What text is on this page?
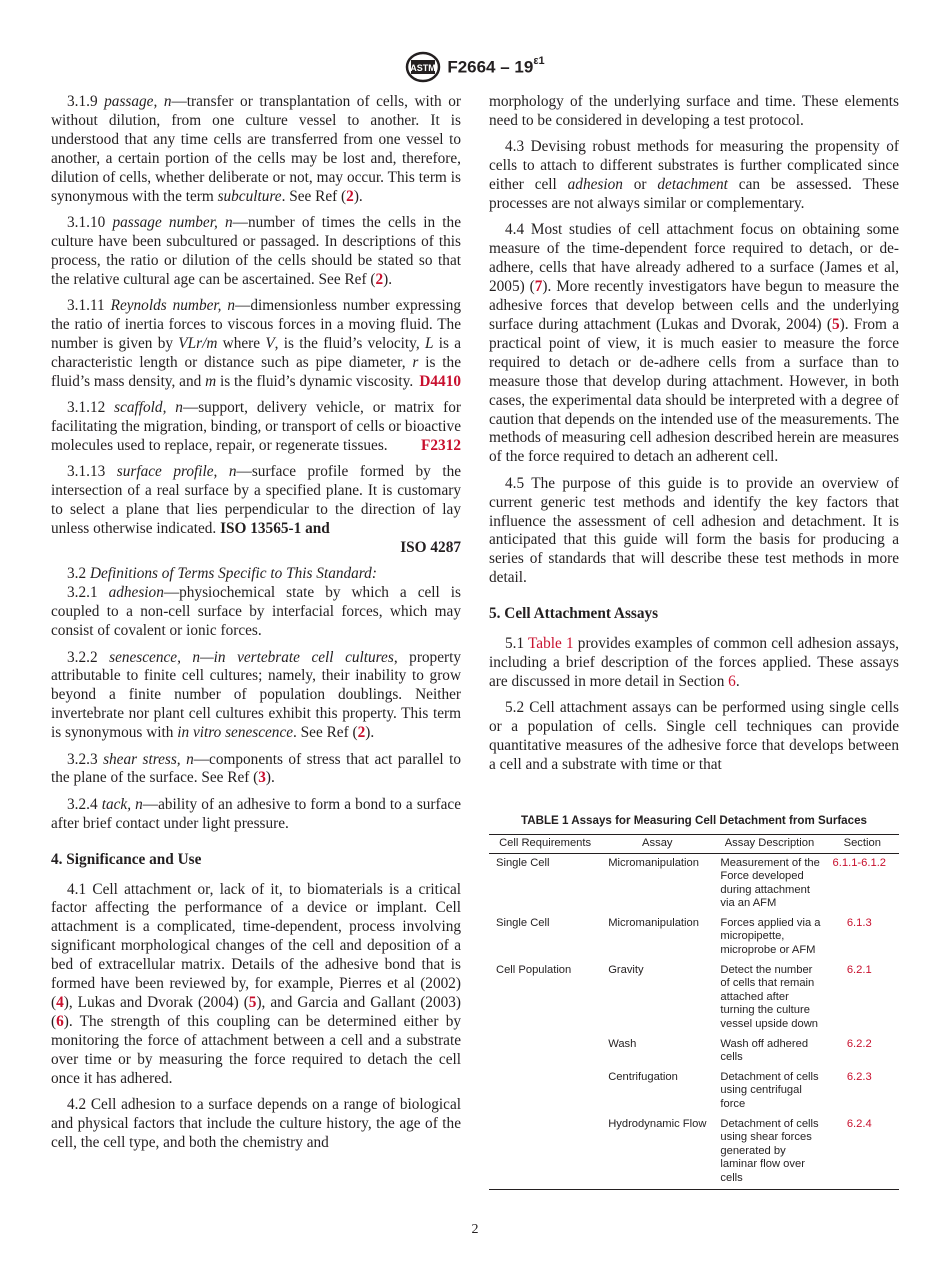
ASTM $F2664 - 19^{\varepsilon 1}$

3.1.9 passage, n—transfer or transplantation of cells, with or without dilution, from one culture vessel to another. It is understood that any time cells are transferred from one vessel to another, a certain portion of the cells may be lost and, therefore, dilution of cells, whether deliberate or not, may occur. This term is synonymous with the term subculture. See Ref (2).

3.1.10 passage number, n—number of times the cells in the culture have been subcultured or passaged. In descriptions of this process, the ratio or dilution of the cells should be stated so that the relative cultural age can be ascertained. See Ref (2).

3.1.11 Reynolds number, n—dimensionless number expressing the ratio of inertia forces to viscous forces in a moving fluid. The number is given by VLr/m where V, is the fluid’s velocity, L is a characteristic length or distance such as pipe diameter, r is the fluid’s mass density, and m is the fluid’s dynamic viscosity. D4410

3.1.12 scaffold, n—support, delivery vehicle, or matrix for facilitating the migration, binding, or transport of cells or bioactive molecules used to replace, repair, or regenerate tissues.	F2312

3.1.13 surface profile, n—surface profile formed by the intersection of a real surface by a specified plane. It is customary to select a plane that lies perpendicular to the direction of lay unless otherwise indicated. ISO 13565-1 and
ISO 4287

3.2 Definitions of Terms Specific to This Standard:

3.2.1 adhesion—physiochemical state by which a cell is coupled to a non-cell surface by interfacial forces, which may consist of covalent or ionic forces.

3.2.2 senescence, n—in vertebrate cell cultures, property attributable to finite cell cultures; namely, their inability to grow beyond a finite number of population doublings. Neither invertebrate nor plant cell cultures exhibit this property. This term is synonymous with in vitro senescence. See Ref (2).

3.2.3 shear stress, n—components of stress that act parallel to the plane of the surface. See Ref (3).

3.2.4 tack, n—ability of an adhesive to form a bond to a surface after brief contact under light pressure.

4. Significance and Use

4.1 Cell attachment or, lack of it, to biomaterials is a critical factor affecting the performance of a device or implant. Cell attachment is a complicated, time-dependent, process involving significant morphological changes of the cell and deposition of a bed of extracellular matrix. Details of the adhesive bond that is formed have been reviewed by, for example, Pierres et al (2002) (4), Lukas and Dvorak (2004) (5), and Garcia and Gallant (2003) (6). The strength of this coupling can be determined either by monitoring the force of attachment between a cell and a substrate over time or by measuring the force required to detach the cell once it has adhered.

4.2 Cell adhesion to a surface depends on a range of biological and physical factors that include the culture history, the age of the cell, the cell type, and both the chemistry and

morphology of the underlying surface and time. These elements need to be considered in developing a test protocol.

4.3 Devising robust methods for measuring the propensity of cells to attach to different substrates is further complicated since either cell adhesion or detachment can be assessed. These processes are not always similar or complementary.

4.4 Most studies of cell attachment focus on obtaining some measure of the time-dependent force required to detach, or de-adhere, cells that have already adhered to a surface (James et al, 2005) (7). More recently investigators have begun to measure the adhesive forces that develop between cells and the underlying surface during attachment (Lukas and Dvorak, 2004) (5). From a practical point of view, it is much easier to measure the force required to detach or de-adhere cells from a surface than to measure those that develop during attachment. However, in both cases, the experimental data should be interpreted with a degree of caution that depends on the intended use of the measurements. The methods of measuring cell adhesion described herein are measures of the force required to detach an adherent cell.

4.5 The purpose of this guide is to provide an overview of current generic test methods and identify the key factors that influence the assessment of cell adhesion and detachment. It is anticipated that this guide will form the basis for producing a series of standards that will describe these test methods in more detail.

5. Cell Attachment Assays

5.1 Table 1 provides examples of common cell adhesion assays, including a brief description of the forces applied. These assays are discussed in more detail in Section 6.

5.2 Cell attachment assays can be performed using single cells or a population of cells. Single cell techniques can provide quantitative measures of the adhesive force that develops between a cell and a substrate with time or that

TABLE 1 Assays for Measuring Cell Detachment from Surfaces
Cell Requirements	Assay	Assay Description	Section
Single Cell	Micromanipulation	Measurement of the Force developed during attachment via an AFM	6.1.1-6.1.2
Single Cell	Micromanipulation	Forces applied via a micropipette, microprobe or AFM	6.1.3
Cell Population	Gravity	Detect the number of cells that remain attached after turning the culture vessel upside down	6.2.1
	Wash	Wash off adhered cells	6.2.2
	Centrifugation	Detachment of cells using centrifugal force	6.2.3
	Hydrodynamic Flow	Detachment of cells using shear forces generated by laminar flow over cells	6.2.4
2
